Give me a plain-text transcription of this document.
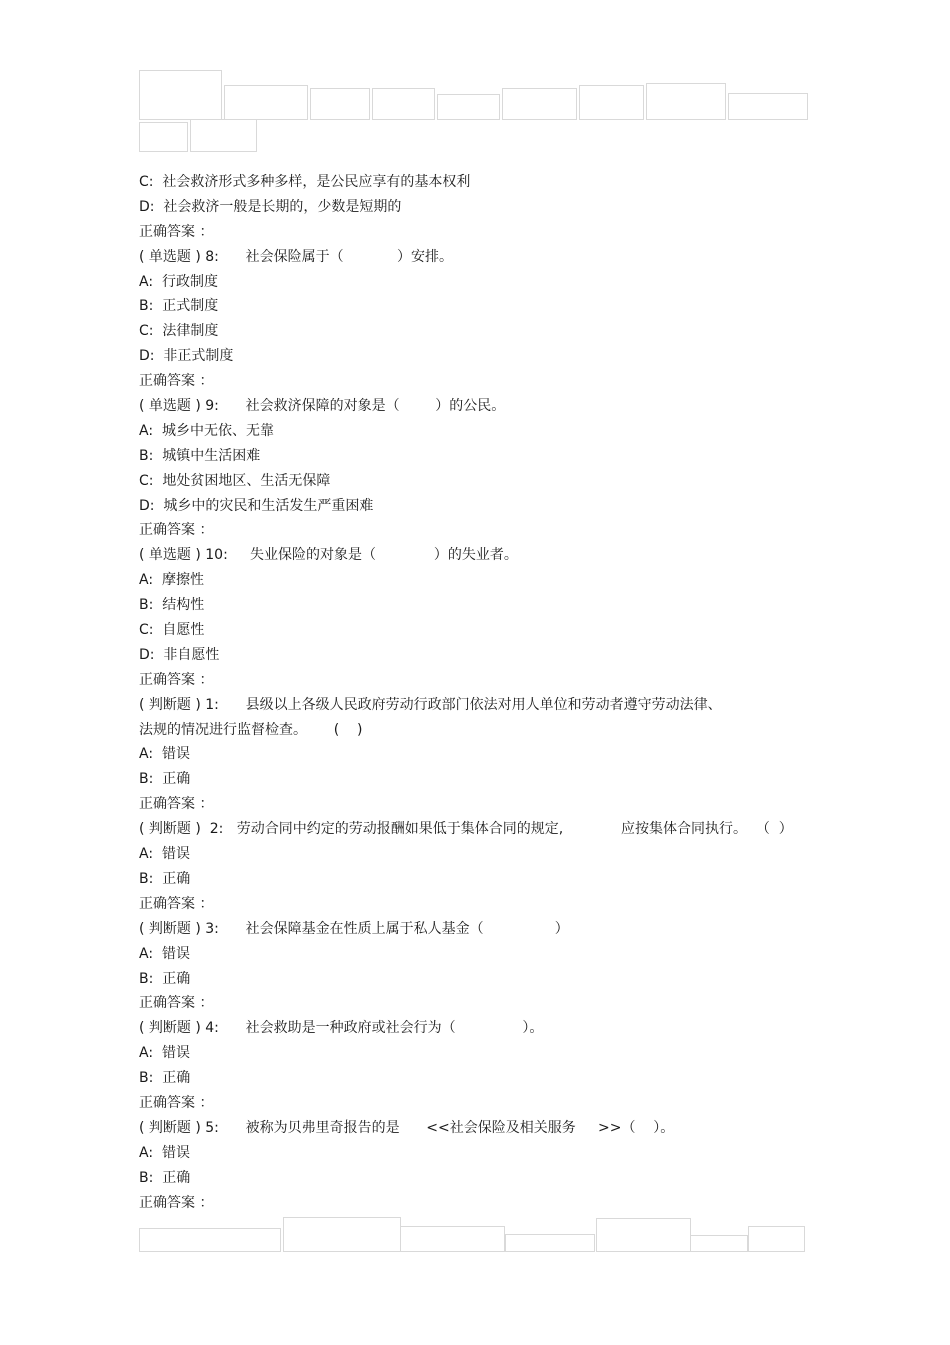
C:  社会救济形式多种多样，是公民应享有的基本权利
D:  社会救济一般是长期的，少数是短期的
正确答案 ：
( 单选题 ) 8:      社会保险属于（            ）安排。
A:  行政制度
B:  正式制度
C:  法律制度
D:  非正式制度
正确答案 ：
( 单选题 ) 9:      社会救济保障的对象是（        ）的公民。
A:  城乡中无依、无靠
B:  城镇中生活困难
C:  地处贫困地区、生活无保障
D:  城乡中的灾民和生活发生严重困难
正确答案 ：
( 单选题 ) 10:     失业保险的对象是（             ）的失业者。
A:  摩擦性
B:  结构性
C:  自愿性
D:  非自愿性
正确答案 ：
( 判断题 ) 1:      县级以上各级人民政府劳动行政部门依法对用人单位和劳动者遵守劳动法律、
法规的情况进行监督检查。      (    )
A:  错误
B:  正确
正确答案 ：
( 判断题 )  2:   劳动合同中约定的劳动报酬如果低于集体合同的规定,             应按集体合同执行。  （  ）
A:  错误
B:  正确
正确答案 ：
( 判断题 ) 3:      社会保障基金在性质上属于私人基金（                ）
A:  错误
B:  正确
正确答案 ：
( 判断题 ) 4:      社会救助是一种政府或社会行为（               ）。
A:  错误
B:  正确
正确答案 ：
( 判断题 ) 5:      被称为贝弗里奇报告的是      <<社会保险及相关服务     >>（    ）。
A:  错误
B:  正确
正确答案 ：
